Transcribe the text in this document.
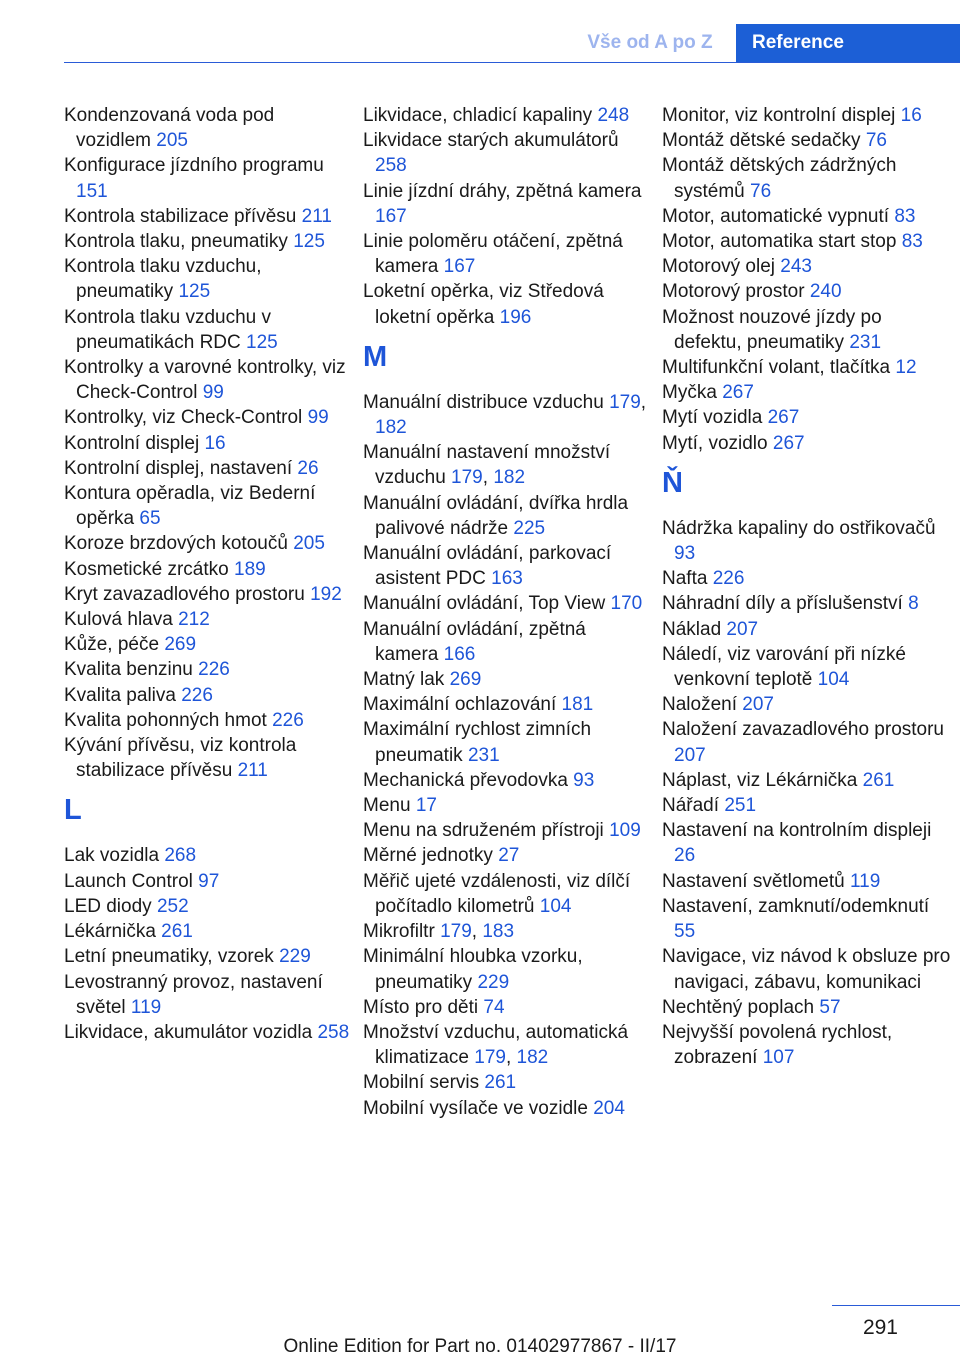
Vše od A po Z	Reference
Kondenzovaná voda pod vozidlem 205
Konfigurace jízdního programu 151
Kontrola stabilizace přívěsu 211
Kontrola tlaku, pneumatiky 125
Kontrola tlaku vzduchu, pneumatiky 125
Kontrola tlaku vzduchu v pneumatikách RDC 125
Kontrolky a varovné kontrolky, viz Check-Control 99
Kontrolky, viz Check-Control 99
Kontrolní displej 16
Kontrolní displej, nastavení 26
Kontura opěradla, viz Bederní opěrka 65
Koroze brzdových kotoučů 205
Kosmetické zrcátko 189
Kryt zavazadlového prostoru 192
Kulová hlava 212
Kůže, péče 269
Kvalita benzinu 226
Kvalita paliva 226
Kvalita pohonných hmot 226
Kývání přívěsu, viz kontrola stabilizace přívěsu 211
L
Lak vozidla 268
Launch Control 97
LED diody 252
Lékárnička 261
Letní pneumatiky, vzorek 229
Levostranný provoz, nastavení světel 119
Likvidace, akumulátor vozidla 258
Likvidace, chladicí kapaliny 248
Likvidace starých akumulátorů 258
Linie jízdní dráhy, zpětná kamera 167
Linie poloměru otáčení, zpětná kamera 167
Loketní opěrka, viz Středová loketní opěrka 196
M
Manuální distribuce vzduchu 179, 182
Manuální nastavení množství vzduchu 179, 182
Manuální ovládání, dvířka hrdla palivové nádrže 225
Manuální ovládání, parkovací asistent PDC 163
Manuální ovládání, Top View 170
Manuální ovládání, zpětná kamera 166
Matný lak 269
Maximální ochlazování 181
Maximální rychlost zimních pneumatik 231
Mechanická převodovka 93
Menu 17
Menu na sdruženém přístroji 109
Měrné jednotky 27
Měřič ujeté vzdálenosti, viz dílčí počítadlo kilometrů 104
Mikrofiltr 179, 183
Minimální hloubka vzorku, pneumatiky 229
Místo pro děti 74
Množství vzduchu, automatická klimatizace 179, 182
Mobilní servis 261
Mobilní vysílače ve vozidle 204
Monitor, viz kontrolní displej 16
Montáž dětské sedačky 76
Montáž dětských zádržných systémů 76
Motor, automatické vypnutí 83
Motor, automatika start stop 83
Motorový olej 243
Motorový prostor 240
Možnost nouzové jízdy po defektu, pneumatiky 231
Multifunkční volant, tlačítka 12
Myčka 267
Mytí vozidla 267
Mytí, vozidlo 267
Ň
Nádržka kapaliny do ostřikovačů 93
Nafta 226
Náhradní díly a příslušenství 8
Náklad 207
Náledí, viz varování při nízké venkovní teplotě 104
Naložení 207
Naložení zavazadlového prostoru 207
Náplast, viz Lékárnička 261
Nářadí 251
Nastavení na kontrolním displeji 26
Nastavení světlometů 119
Nastavení, zamknutí/odemknutí 55
Navigace, viz návod k obsluze pro navigaci, zábavu, komunikaci
Nechtěný poplach 57
Nejvyšší povolená rychlost, zobrazení 107
291
Online Edition for Part no. 01402977867 - II/17
